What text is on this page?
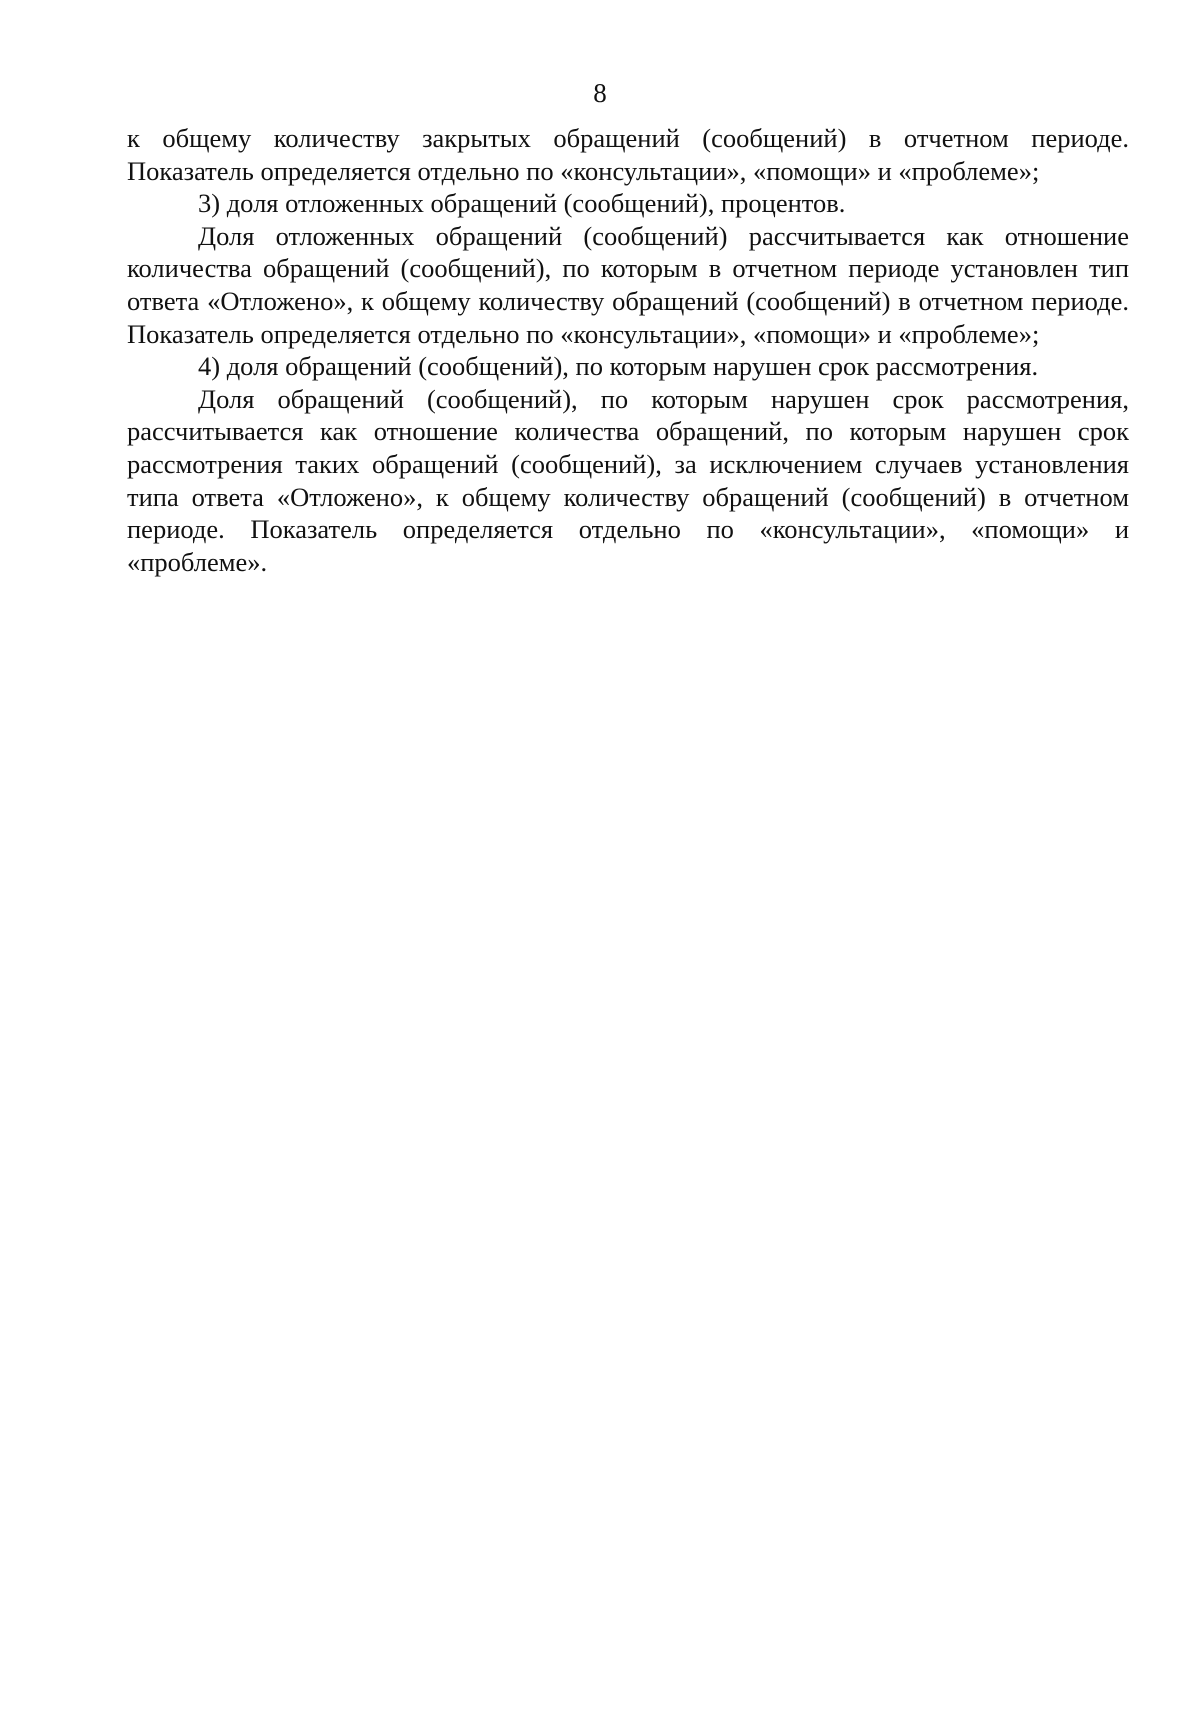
8

к общему количеству закрытых обращений (сообщений) в отчетном периоде. Показатель определяется отдельно по «консультации», «помощи» и «проблеме»;

3) доля отложенных обращений (сообщений), процентов.

Доля отложенных обращений (сообщений) рассчитывается как отношение количества обращений (сообщений), по которым в отчетном периоде установлен тип ответа «Отложено», к общему количеству обращений (сообщений) в отчетном периоде. Показатель определяется отдельно по «консультации», «помощи» и «проблеме»;

4) доля обращений (сообщений), по которым нарушен срок рассмотрения.

Доля обращений (сообщений), по которым нарушен срок рассмотрения, рассчитывается как отношение количества обращений, по которым нарушен срок рассмотрения таких обращений (сообщений), за исключением случаев установления типа ответа «Отложено», к общему количеству обращений (сообщений) в отчетном периоде. Показатель определяется отдельно по «консультации», «помощи» и «проблеме».
